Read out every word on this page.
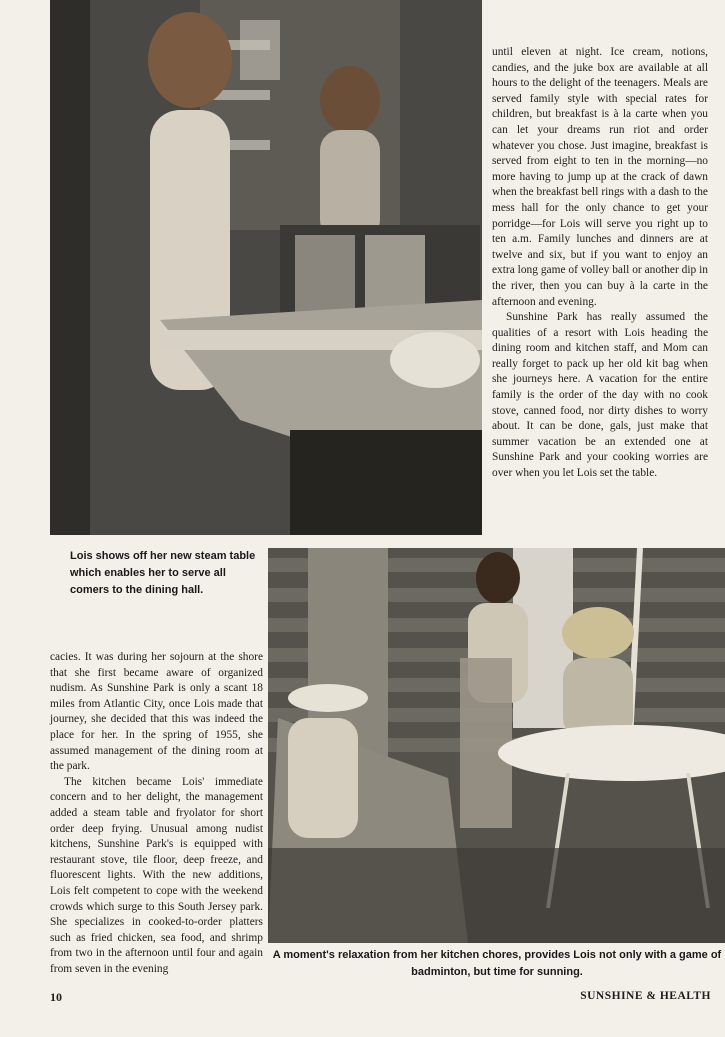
until eleven at night. Ice cream, notions, candies, and the juke box are available at all hours to the delight of the teenagers. Meals are served family style with special rates for children, but breakfast is à la carte when you can let your dreams run riot and order whatever you chose. Just imagine, breakfast is served from eight to ten in the morning—no more having to jump up at the crack of dawn when the breakfast bell rings with a dash to the mess hall for the only chance to get your porridge—for Lois will serve you right up to ten a.m. Family lunches and dinners are at twelve and six, but if you want to enjoy an extra long game of volley ball or another dip in the river, then you can buy à la carte in the afternoon and evening.

Sunshine Park has really assumed the qualities of a resort with Lois heading the dining room and kitchen staff, and Mom can really forget to pack up her old kit bag when she journeys here. A vacation for the entire family is the order of the day with no cook stove, canned food, nor dirty dishes to worry about. It can be done, gals, just make that summer vacation be an extended one at Sunshine Park and your cooking worries are over when you let Lois set the table.

Lois shows off her new steam table which enables her to serve all comers to the dining hall.

cacies. It was during her sojourn at the shore that she first became aware of organized nudism. As Sunshine Park is only a scant 18 miles from Atlantic City, once Lois made that journey, she decided that this was indeed the place for her. In the spring of 1955, she assumed management of the dining room at the park.

The kitchen became Lois' immediate concern and to her delight, the management added a steam table and fryolator for short order deep frying. Unusual among nudist kitchens, Sunshine Park's is equipped with restaurant stove, tile floor, deep freeze, and fluorescent lights. With the new additions, Lois felt competent to cope with the weekend crowds which surge to this South Jersey park. She specializes in cooked-to-order platters such as fried chicken, sea food, and shrimp from two in the afternoon until four and again from seven in the evening

A moment's relaxation from her kitchen chores, provides Lois not only with a game of badminton, but time for sunning.
10	SUNSHINE & HEALTH
